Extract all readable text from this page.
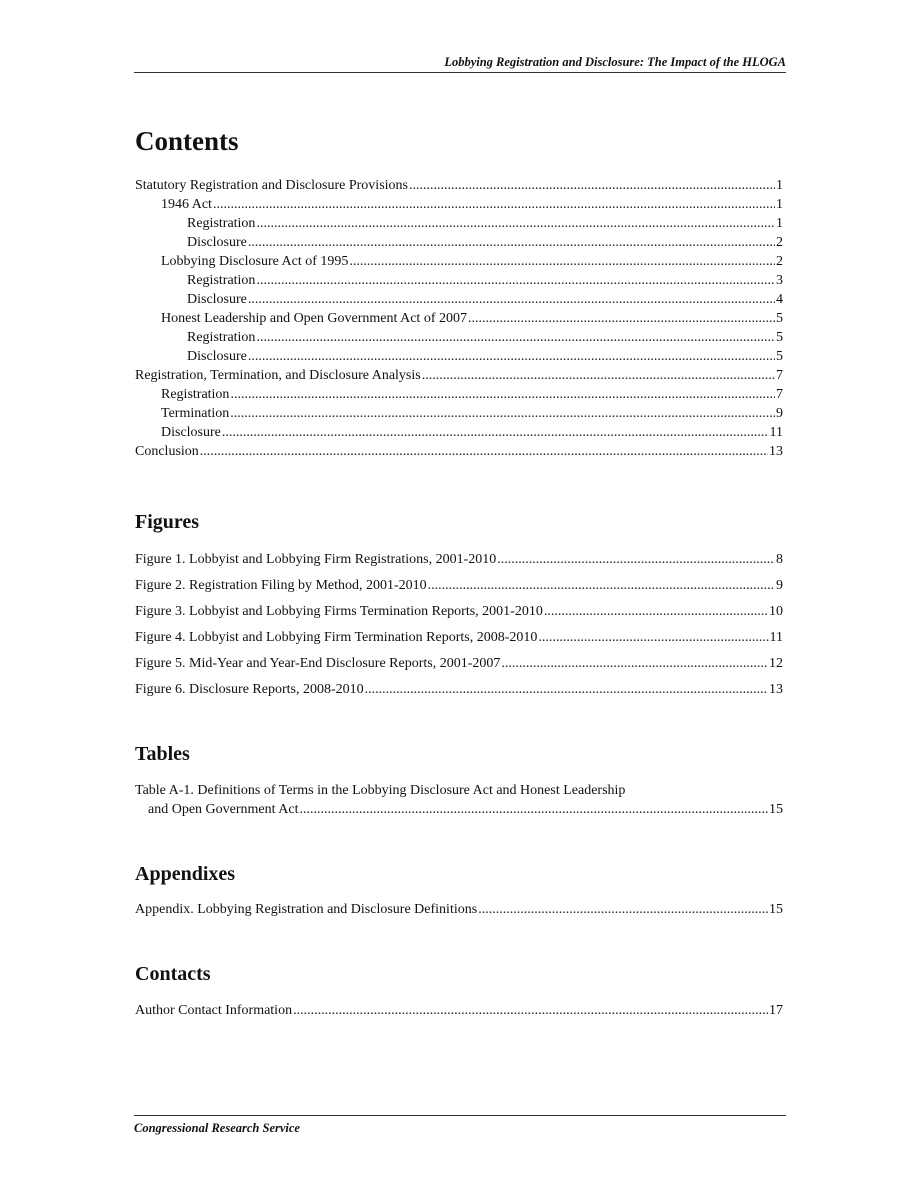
Lobbying Registration and Disclosure: The Impact of the HLOGA
Contents
Statutory Registration and Disclosure Provisions .....	1
1946 Act .....	1
Registration .....	1
Disclosure .....	2
Lobbying Disclosure Act of 1995 .....	2
Registration .....	3
Disclosure .....	4
Honest Leadership and Open Government Act of 2007 .....	5
Registration .....	5
Disclosure .....	5
Registration, Termination, and Disclosure Analysis .....	7
Registration .....	7
Termination .....	9
Disclosure .....	11
Conclusion .....	13
Figures
Figure 1. Lobbyist and Lobbying Firm Registrations, 2001-2010 .....	8
Figure 2. Registration Filing by Method, 2001-2010 .....	9
Figure 3. Lobbyist and Lobbying Firms Termination Reports, 2001-2010 .....	10
Figure 4. Lobbyist and Lobbying Firm Termination Reports, 2008-2010 .....	11
Figure 5. Mid-Year and Year-End Disclosure Reports, 2001-2007 .....	12
Figure 6. Disclosure Reports, 2008-2010 .....	13
Tables
Table A-1. Definitions of Terms in the Lobbying Disclosure Act and Honest Leadership
and Open Government Act .....	15
Appendixes
Appendix. Lobbying Registration and Disclosure Definitions .....	15
Contacts
Author Contact Information .....	17
Congressional Research Service
